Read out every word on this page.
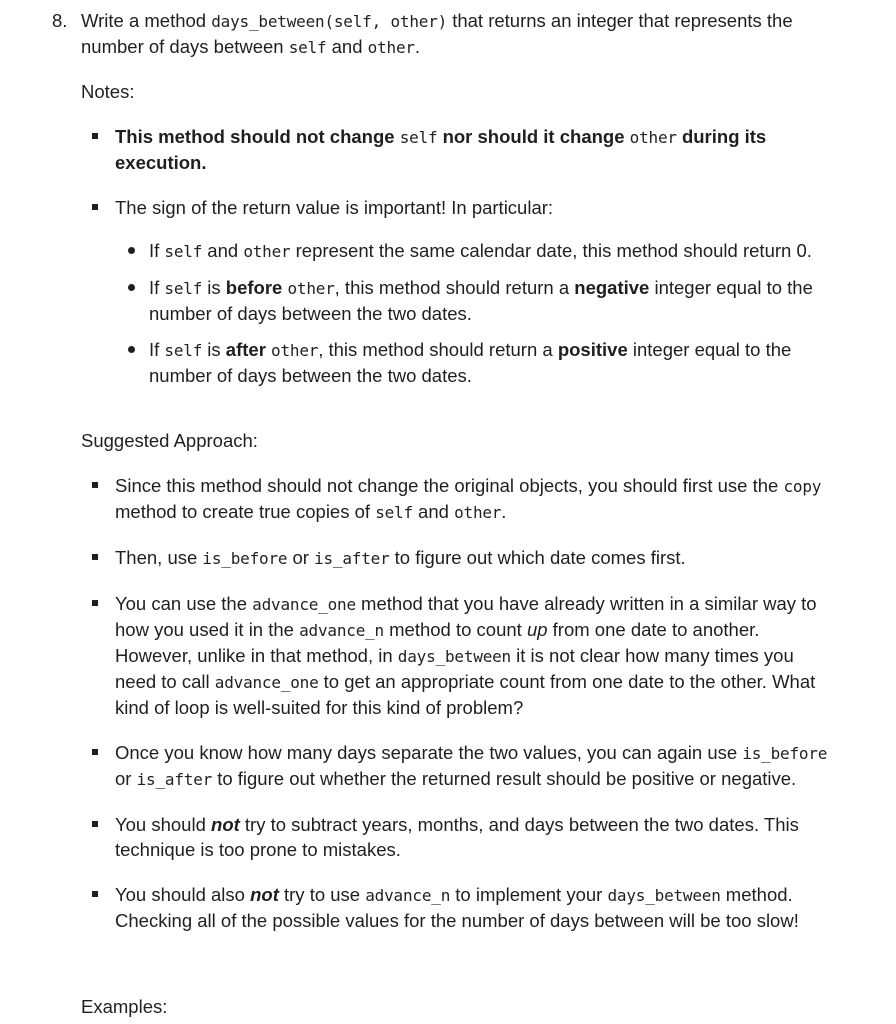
8. Write a method days_between(self, other) that returns an integer that represents the number of days between self and other.
Notes:
This method should not change self nor should it change other during its execution.
The sign of the return value is important! In particular:
If self and other represent the same calendar date, this method should return 0.
If self is before other, this method should return a negative integer equal to the number of days between the two dates.
If self is after other, this method should return a positive integer equal to the number of days between the two dates.
Suggested Approach:
Since this method should not change the original objects, you should first use the copy method to create true copies of self and other.
Then, use is_before or is_after to figure out which date comes first.
You can use the advance_one method that you have already written in a similar way to how you used it in the advance_n method to count up from one date to another. However, unlike in that method, in days_between it is not clear how many times you need to call advance_one to get an appropriate count from one date to the other. What kind of loop is well-suited for this kind of problem?
Once you know how many days separate the two values, you can again use is_before or is_after to figure out whether the returned result should be positive or negative.
You should not try to subtract years, months, and days between the two dates. This technique is too prone to mistakes.
You should also not try to use advance_n to implement your days_between method. Checking all of the possible values for the number of days between will be too slow!
Examples:
